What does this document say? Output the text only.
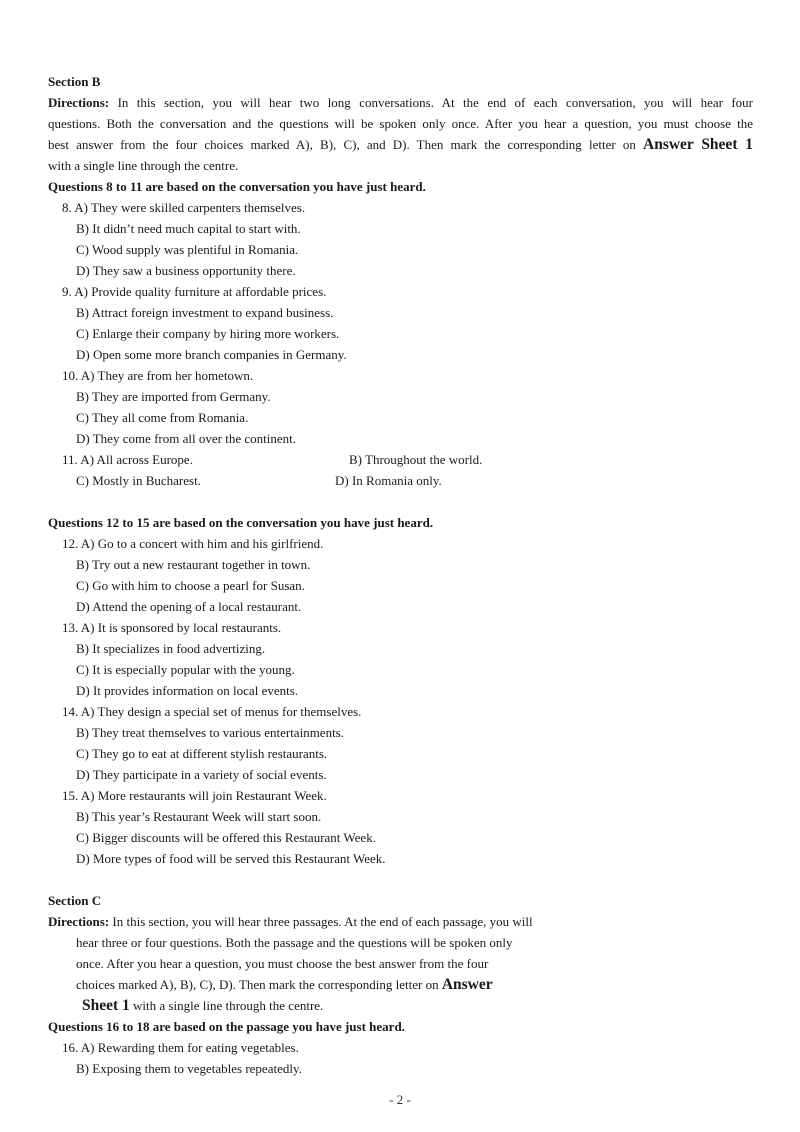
Section B
Directions: In this section, you will hear two long conversations. At the end of each conversation, you will hear four
questions. Both the conversation and the questions will be spoken only once. After you hear a question, you must choose the
best answer from the four choices marked A), B), C), and D). Then mark the corresponding letter on Answer Sheet 1
with a single line through the centre.
Questions 8 to 11 are based on the conversation you have just heard.
8. A) They were skilled carpenters themselves.
B) It didn’t need much capital to start with.
C) Wood supply was plentiful in Romania.
D) They saw a business opportunity there.
9. A) Provide quality furniture at affordable prices.
B) Attract foreign investment to expand business.
C) Enlarge their company by hiring more workers.
D) Open some more branch companies in Germany.
10. A) They are from her hometown.
B) They are imported from Germany.
C) They all come from Romania.
D) They come from all over the continent.
11. A) All across Europe.	B) Throughout the world.
C) Mostly in Bucharest.	D) In Romania only.
Questions 12 to 15 are based on the conversation you have just heard.
12. A) Go to a concert with him and his girlfriend.
B) Try out a new restaurant together in town.
C) Go with him to choose a pearl for Susan.
D) Attend the opening of a local restaurant.
13. A) It is sponsored by local restaurants.
B) It specializes in food advertizing.
C) It is especially popular with the young.
D) It provides information on local events.
14. A) They design a special set of menus for themselves.
B) They treat themselves to various entertainments.
C) They go to eat at different stylish restaurants.
D) They participate in a variety of social events.
15. A) More restaurants will join Restaurant Week.
B) This year’s Restaurant Week will start soon.
C) Bigger discounts will be offered this Restaurant Week.
D) More types of food will be served this Restaurant Week.
Section C
Directions: In this section, you will hear three passages. At the end of each passage, you will
hear three or four questions. Both the passage and the questions will be spoken only
once. After you hear a question, you must choose the best answer from the four
choices marked A), B), C), D). Then mark the corresponding letter on Answer
Sheet 1 with a single line through the centre.
Questions 16 to 18 are based on the passage you have just heard.
16. A) Rewarding them for eating vegetables.
B) Exposing them to vegetables repeatedly.
- 2 -
